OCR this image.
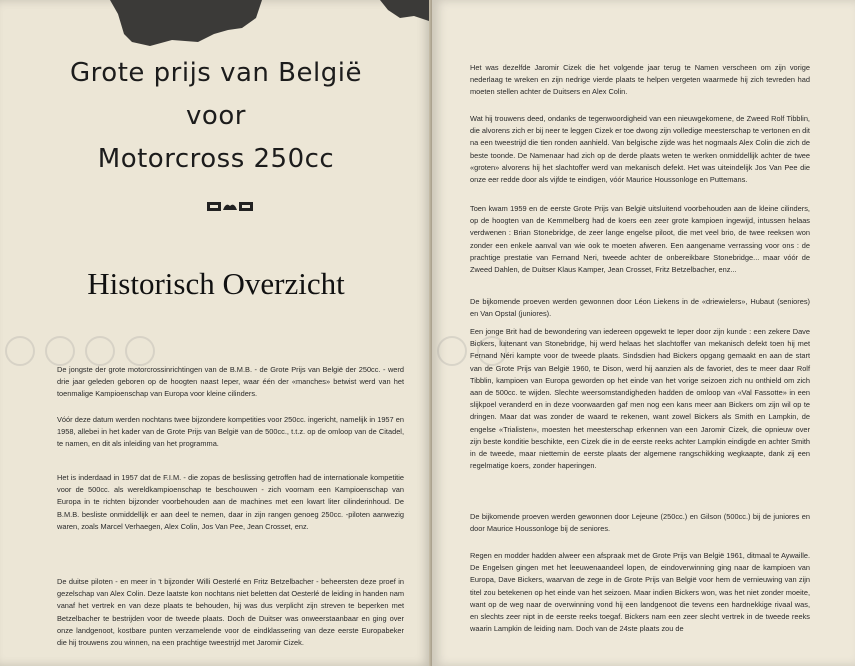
Grote prijs van België
voor
Motorcross 250cc
Historisch Overzicht

De jongste der grote motorcrossinrichtingen van de B.M.B. - de Grote Prijs van België der 250cc. - werd drie jaar geleden geboren op de hoogten naast Ieper, waar één der «manches» betwist werd van het toenmalige Kampioenschap van Europa voor kleine cilinders.

Vóór deze datum werden nochtans twee bijzondere kompetities voor 250cc. ingericht, namelijk in 1957 en 1958, allebei in het kader van de Grote Prijs van België van de 500cc., t.t.z. op de omloop van de Citadel, te namen, en dit als inleiding van het programma.

Het is inderdaad in 1957 dat de F.I.M. - die zopas de beslissing getroffen had de internationale kompetitie voor de 500cc. als wereldkampioenschap te beschouwen - zich voornam een Kampioenschap van Europa in te richten bijzonder voorbehouden aan de machines met een kwart liter cilinderinhoud. De B.M.B. besliste onmiddellijk er aan deel te nemen, daar in zijn rangen genoeg 250cc. -piloten aanwezig waren, zoals Marcel Verhaegen, Alex Colin, Jos Van Pee, Jean Crosset, enz.

De duitse piloten - en meer in 't bijzonder Willi Oesterlé en Fritz Betzelbacher - beheersten deze proef in gezelschap van Alex Colin. Deze laatste kon nochtans niet beletten dat Oesterlé de leiding in handen nam vanaf het vertrek en van deze plaats te behouden, hij was dus verplicht zijn streven te beperken met Betzelbacher te bestrijden voor de tweede plaats. Doch de Duitser was onweerstaanbaar en ging over onze landgenoot, kostbare punten verzamelende voor de eindklassering van deze eerste Europabeker die hij trouwens zou winnen, na een prachtige tweestrijd met Jaromir Cizek.

Het was dezelfde Jaromir Cizek die het volgende jaar terug te Namen verscheen om zijn vorige nederlaag te wreken en zijn nedrige vierde plaats te helpen vergeten waarmede hij zich tevreden had moeten stellen achter de Duitsers en Alex Colin.

Wat hij trouwens deed, ondanks de tegenwoordigheid van een nieuwgekomene, de Zweed Rolf Tibblin, die alvorens zich er bij neer te leggen Cizek er toe dwong zijn volledige meesterschap te vertonen en dit na een tweestrijd die tien ronden aanhield. Van belgische zijde was het nogmaals Alex Colin die zich de beste toonde. De Namenaar had zich op de derde plaats weten te werken onmiddellijk achter de twee «groten» alvorens hij het slachtoffer werd van mekanisch defekt. Het was uiteindelijk Jos Van Pee die onze eer redde door als vijfde te eindigen, vóór Maurice Houssonloge en Puttemans.

Toen kwam 1959 en de eerste Grote Prijs van België uitsluitend voorbehouden aan de kleine cilinders, op de hoogten van de Kemmelberg had de koers een zeer grote kampioen ingewijd, intussen helaas verdwenen : Brian Stonebridge, de zeer lange engelse piloot, die met veel brio, de twee reeksen won zonder een enkele aanval van wie ook te moeten afweren. Een aangename verrassing voor ons : de prachtige prestatie van Fernand Neri, tweede achter de onbereikbare Stonebridge... maar vóór de Zweed Dahlen, de Duitser Klaus Kamper, Jean Crosset, Fritz Betzelbacher, enz...

De bijkomende proeven werden gewonnen door Léon Liekens in de «driewielers», Hubaut (seniores) en Van Opstal (juniores).

Een jonge Brit had de bewondering van iedereen opgewekt te Ieper door zijn kunde : een zekere Dave Bickers, luitenant van Stonebridge, hij werd helaas het slachtoffer van mekanisch defekt toen hij met Fernand Néri kampte voor de tweede plaats. Sindsdien had Bickers opgang gemaakt en aan de start van de Grote Prijs van België 1960, te Dison, werd hij aanzien als de favoriet, des te meer daar Rolf Tibblin, kampioen van Europa geworden op het einde van het vorige seizoen zich nu onthield om zich aan de 500cc. te wijden. Slechte weersomstandigheden hadden de omloop van «Val Fassotte» in een slijkpoel veranderd en in deze voorwaarden gaf men nog een kans meer aan Bickers om zijn wil op te dringen. Maar dat was zonder de waard te rekenen, want zowel Bickers als Smith en Lampkin, de engelse «Trialisten», moesten het meesterschap erkennen van een Jaromir Cizek, die opnieuw over zijn beste konditie beschikte, een Cizek die in de eerste reeks achter Lampkin eindigde en achter Smith in de tweede, maar niettemin de eerste plaats der algemene rangschikking wegkaapte, dank zij een regelmatige koers, zonder haperingen.

De bijkomende proeven werden gewonnen door Lejeune (250cc.) en Gilson (500cc.) bij de juniores en door Maurice Houssonloge bij de seniores.

Regen en modder hadden alweer een afspraak met de Grote Prijs van België 1961, ditmaal te Aywaille. De Engelsen gingen met het leeuwenaandeel lopen, de eindoverwinning ging naar de kampioen van Europa, Dave Bickers, waarvan de zege in de Grote Prijs van België voor hem de vernieuwing van zijn titel zou betekenen op het einde van het seizoen. Maar indien Bickers won, was het niet zonder moeite, want op de weg naar de overwinning vond hij een landgenoot die tevens een hardnekkige rivaal was, en slechts zeer nipt in de eerste reeks toegaf. Bickers nam een zeer slecht vertrek in de tweede reeks waarin Lampkin de leiding nam. Doch van de 24ste plaats zou de
